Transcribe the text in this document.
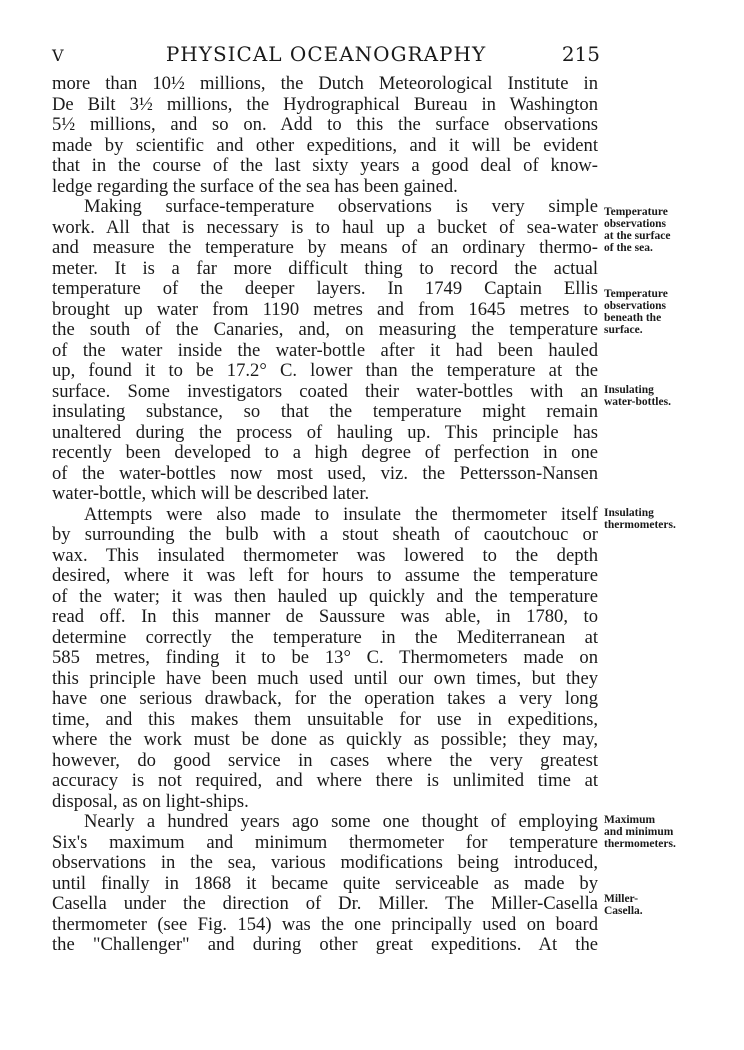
V	PHYSICAL OCEANOGRAPHY	215
more than 10½ millions, the Dutch Meteorological Institute in
De Bilt 3½ millions, the Hydrographical Bureau in Washington
5½ millions, and so on. Add to this the surface observations
made by scientific and other expeditions, and it will be evident
that in the course of the last sixty years a good deal of know-
ledge regarding the surface of the sea has been gained.
Making surface-temperature observations is very simple
work. All that is necessary is to haul up a bucket of sea-water
and measure the temperature by means of an ordinary thermo-
meter. It is a far more difficult thing to record the actual
temperature of the deeper layers. In 1749 Captain Ellis
brought up water from 1190 metres and from 1645 metres to
the south of the Canaries, and, on measuring the temperature
of the water inside the water-bottle after it had been hauled
up, found it to be 17.2° C. lower than the temperature at the
surface. Some investigators coated their water-bottles with an
insulating substance, so that the temperature might remain
unaltered during the process of hauling up. This principle has
recently been developed to a high degree of perfection in one
of the water-bottles now most used, viz. the Pettersson-Nansen
water-bottle, which will be described later.
Attempts were also made to insulate the thermometer itself
by surrounding the bulb with a stout sheath of caoutchouc or
wax. This insulated thermometer was lowered to the depth
desired, where it was left for hours to assume the temperature
of the water; it was then hauled up quickly and the temperature
read off. In this manner de Saussure was able, in 1780, to
determine correctly the temperature in the Mediterranean at
585 metres, finding it to be 13° C. Thermometers made on
this principle have been much used until our own times, but they
have one serious drawback, for the operation takes a very long
time, and this makes them unsuitable for use in expeditions,
where the work must be done as quickly as possible; they may,
however, do good service in cases where the very greatest
accuracy is not required, and where there is unlimited time at
disposal, as on light-ships.
Nearly a hundred years ago some one thought of employing
Six's maximum and minimum thermometer for temperature
observations in the sea, various modifications being introduced,
until finally in 1868 it became quite serviceable as made by
Casella under the direction of Dr. Miller. The Miller-Casella
thermometer (see Fig. 154) was the one principally used on board
the "Challenger" and during other great expeditions. At the
Temperature
observations
at the surface
of the sea.
Temperature
observations
beneath the
surface.
Insulating
water-bottles.
Insulating
thermometers.
Maximum
and minimum
thermometers.
Miller-
Casella.
